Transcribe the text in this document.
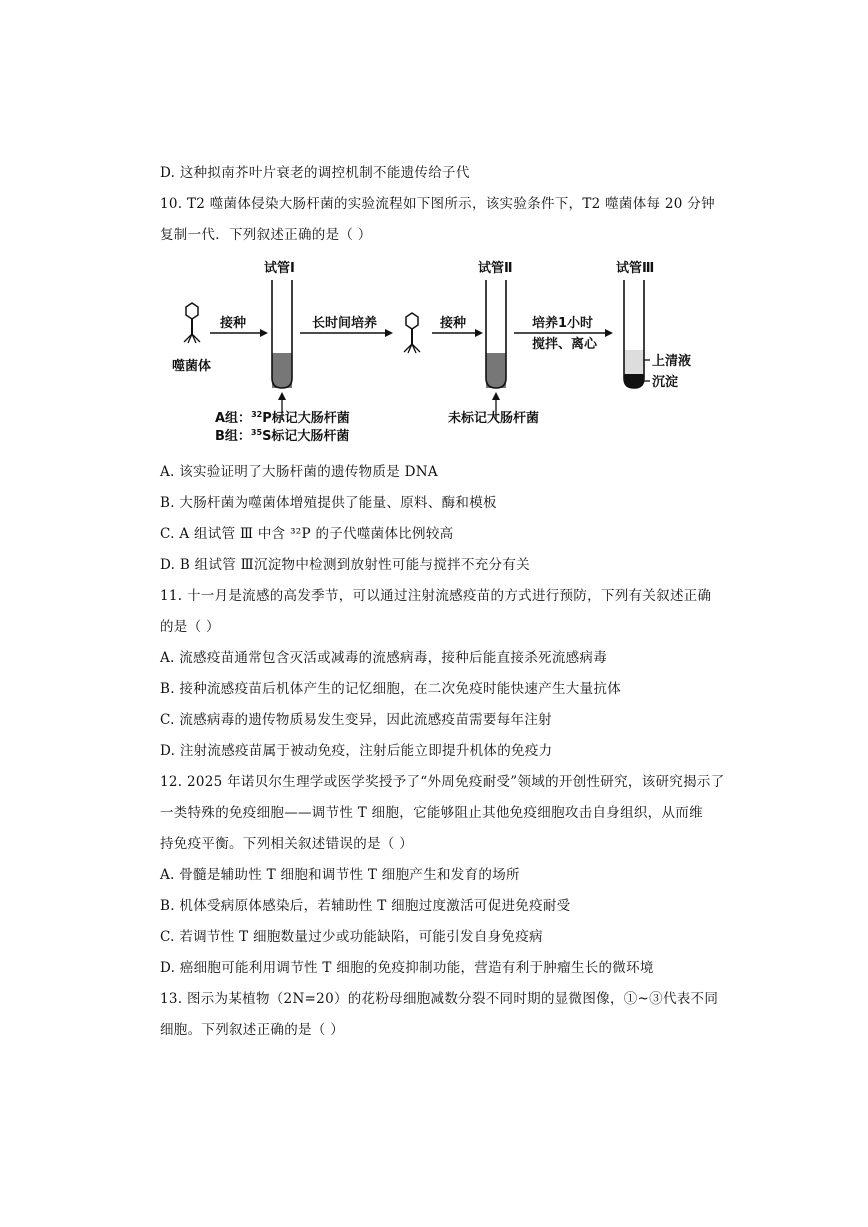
D. 这种拟南芥叶片衰老的调控机制不能遗传给子代
10. T2 噬菌体侵染大肠杆菌的实验流程如下图所示，该实验条件下，T2 噬菌体每 20 分钟
复制一代．下列叙述正确的是（ ）
噬菌体
接种
试管Ⅰ
长时间培养	接种
试管Ⅱ
培养1小时
搅拌、离心
试管Ⅲ
上清液
沉淀
A组：$^{32}$P标记大肠杆菌
B组：$^{35}$S标记大肠杆菌
未标记大肠杆菌
A. 该实验证明了大肠杆菌的遗传物质是 DNA
B. 大肠杆菌为噬菌体增殖提供了能量、原料、酶和模板
C. A 组试管 Ⅲ 中含 ³²P 的子代噬菌体比例较高
D. B 组试管 Ⅲ沉淀物中检测到放射性可能与搅拌不充分有关
11. 十一月是流感的高发季节，可以通过注射流感疫苗的方式进行预防，下列有关叙述正确
的是（ ）
A. 流感疫苗通常包含灭活或减毒的流感病毒，接种后能直接杀死流感病毒
B. 接种流感疫苗后机体产生的记忆细胞，在二次免疫时能快速产生大量抗体
C. 流感病毒的遗传物质易发生变异，因此流感疫苗需要每年注射
D. 注射流感疫苗属于被动免疫，注射后能立即提升机体的免疫力
12. 2025 年诺贝尔生理学或医学奖授予了“外周免疫耐受”领域的开创性研究，该研究揭示了
一类特殊的免疫细胞——调节性 T 细胞，它能够阻止其他免疫细胞攻击自身组织，从而维
持免疫平衡。下列相关叙述错误的是（ ）
A. 骨髓是辅助性 T 细胞和调节性 T 细胞产生和发育的场所
B. 机体受病原体感染后，若辅助性 T 细胞过度激活可促进免疫耐受
C. 若调节性 T 细胞数量过少或功能缺陷，可能引发自身免疫病
D. 癌细胞可能利用调节性 T 细胞的免疫抑制功能，营造有利于肿瘤生长的微环境
13. 图示为某植物（2N=20）的花粉母细胞减数分裂不同时期的显微图像，①~③代表不同
细胞。下列叙述正确的是（ ）
